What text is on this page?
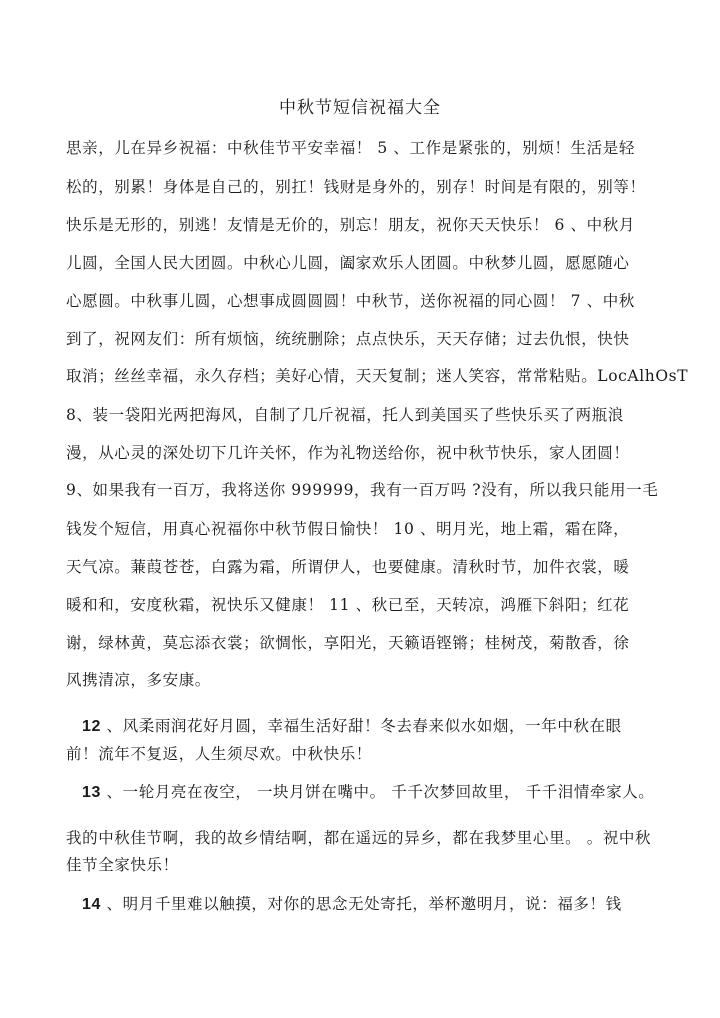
中秋节短信祝福大全
思亲，儿在异乡祝福：中秋佳节平安幸福！ 5 、工作是紧张的，别烦！生活是轻
松的，别累！身体是自己的，别扛！钱财是身外的，别存！时间是有限的，别等！
快乐是无形的，别逃！友情是无价的，别忘！朋友，祝你天天快乐！ 6 、中秋月
儿圆，全国人民大团圆。中秋心儿圆，阖家欢乐人团圆。中秋梦儿圆，愿愿随心
心愿圆。中秋事儿圆，心想事成圆圆圆！中秋节，送你祝福的同心圆！ 7 、中秋
到了，祝网友们：所有烦恼，统统删除；点点快乐，天天存储；过去仇恨，快快
取消；丝丝幸福，永久存档；美好心情，天天复制；迷人笑容，常常粘贴。LocAlhOsT
8、装一袋阳光两把海风，自制了几斤祝福，托人到美国买了些快乐买了两瓶浪
漫，从心灵的深处切下几许关怀，作为礼物送给你，祝中秋节快乐，家人团圆！
9、如果我有一百万，我将送你 999999，我有一百万吗 ?没有，所以我只能用一毛
钱发个短信，用真心祝福你中秋节假日愉快！ 10 、明月光，地上霜，霜在降，
天气凉。蒹葭苍苍，白露为霜，所谓伊人，也要健康。清秋时节，加件衣裳，暖
暖和和，安度秋霜，祝快乐又健康！ 11 、秋已至，天转凉，鸿雁下斜阳；红花
谢，绿林黄，莫忘添衣裳；欲惆怅，享阳光，天籁语铿锵；桂树茂，菊散香，徐
风携清凉，多安康。
12 、风柔雨润花好月圆，幸福生活好甜！冬去春来似水如烟，一年中秋在眼
前！流年不复返，人生须尽欢。中秋快乐！
13 、一轮月亮在夜空， 一块月饼在嘴中。 千千次梦回故里， 千千泪情牵家人。
我的中秋佳节啊，我的故乡情结啊，都在遥远的异乡，都在我梦里心里。 。祝中秋
佳节全家快乐！
14 、明月千里难以触摸，对你的思念无处寄托，举杯邀明月，说：福多！钱
